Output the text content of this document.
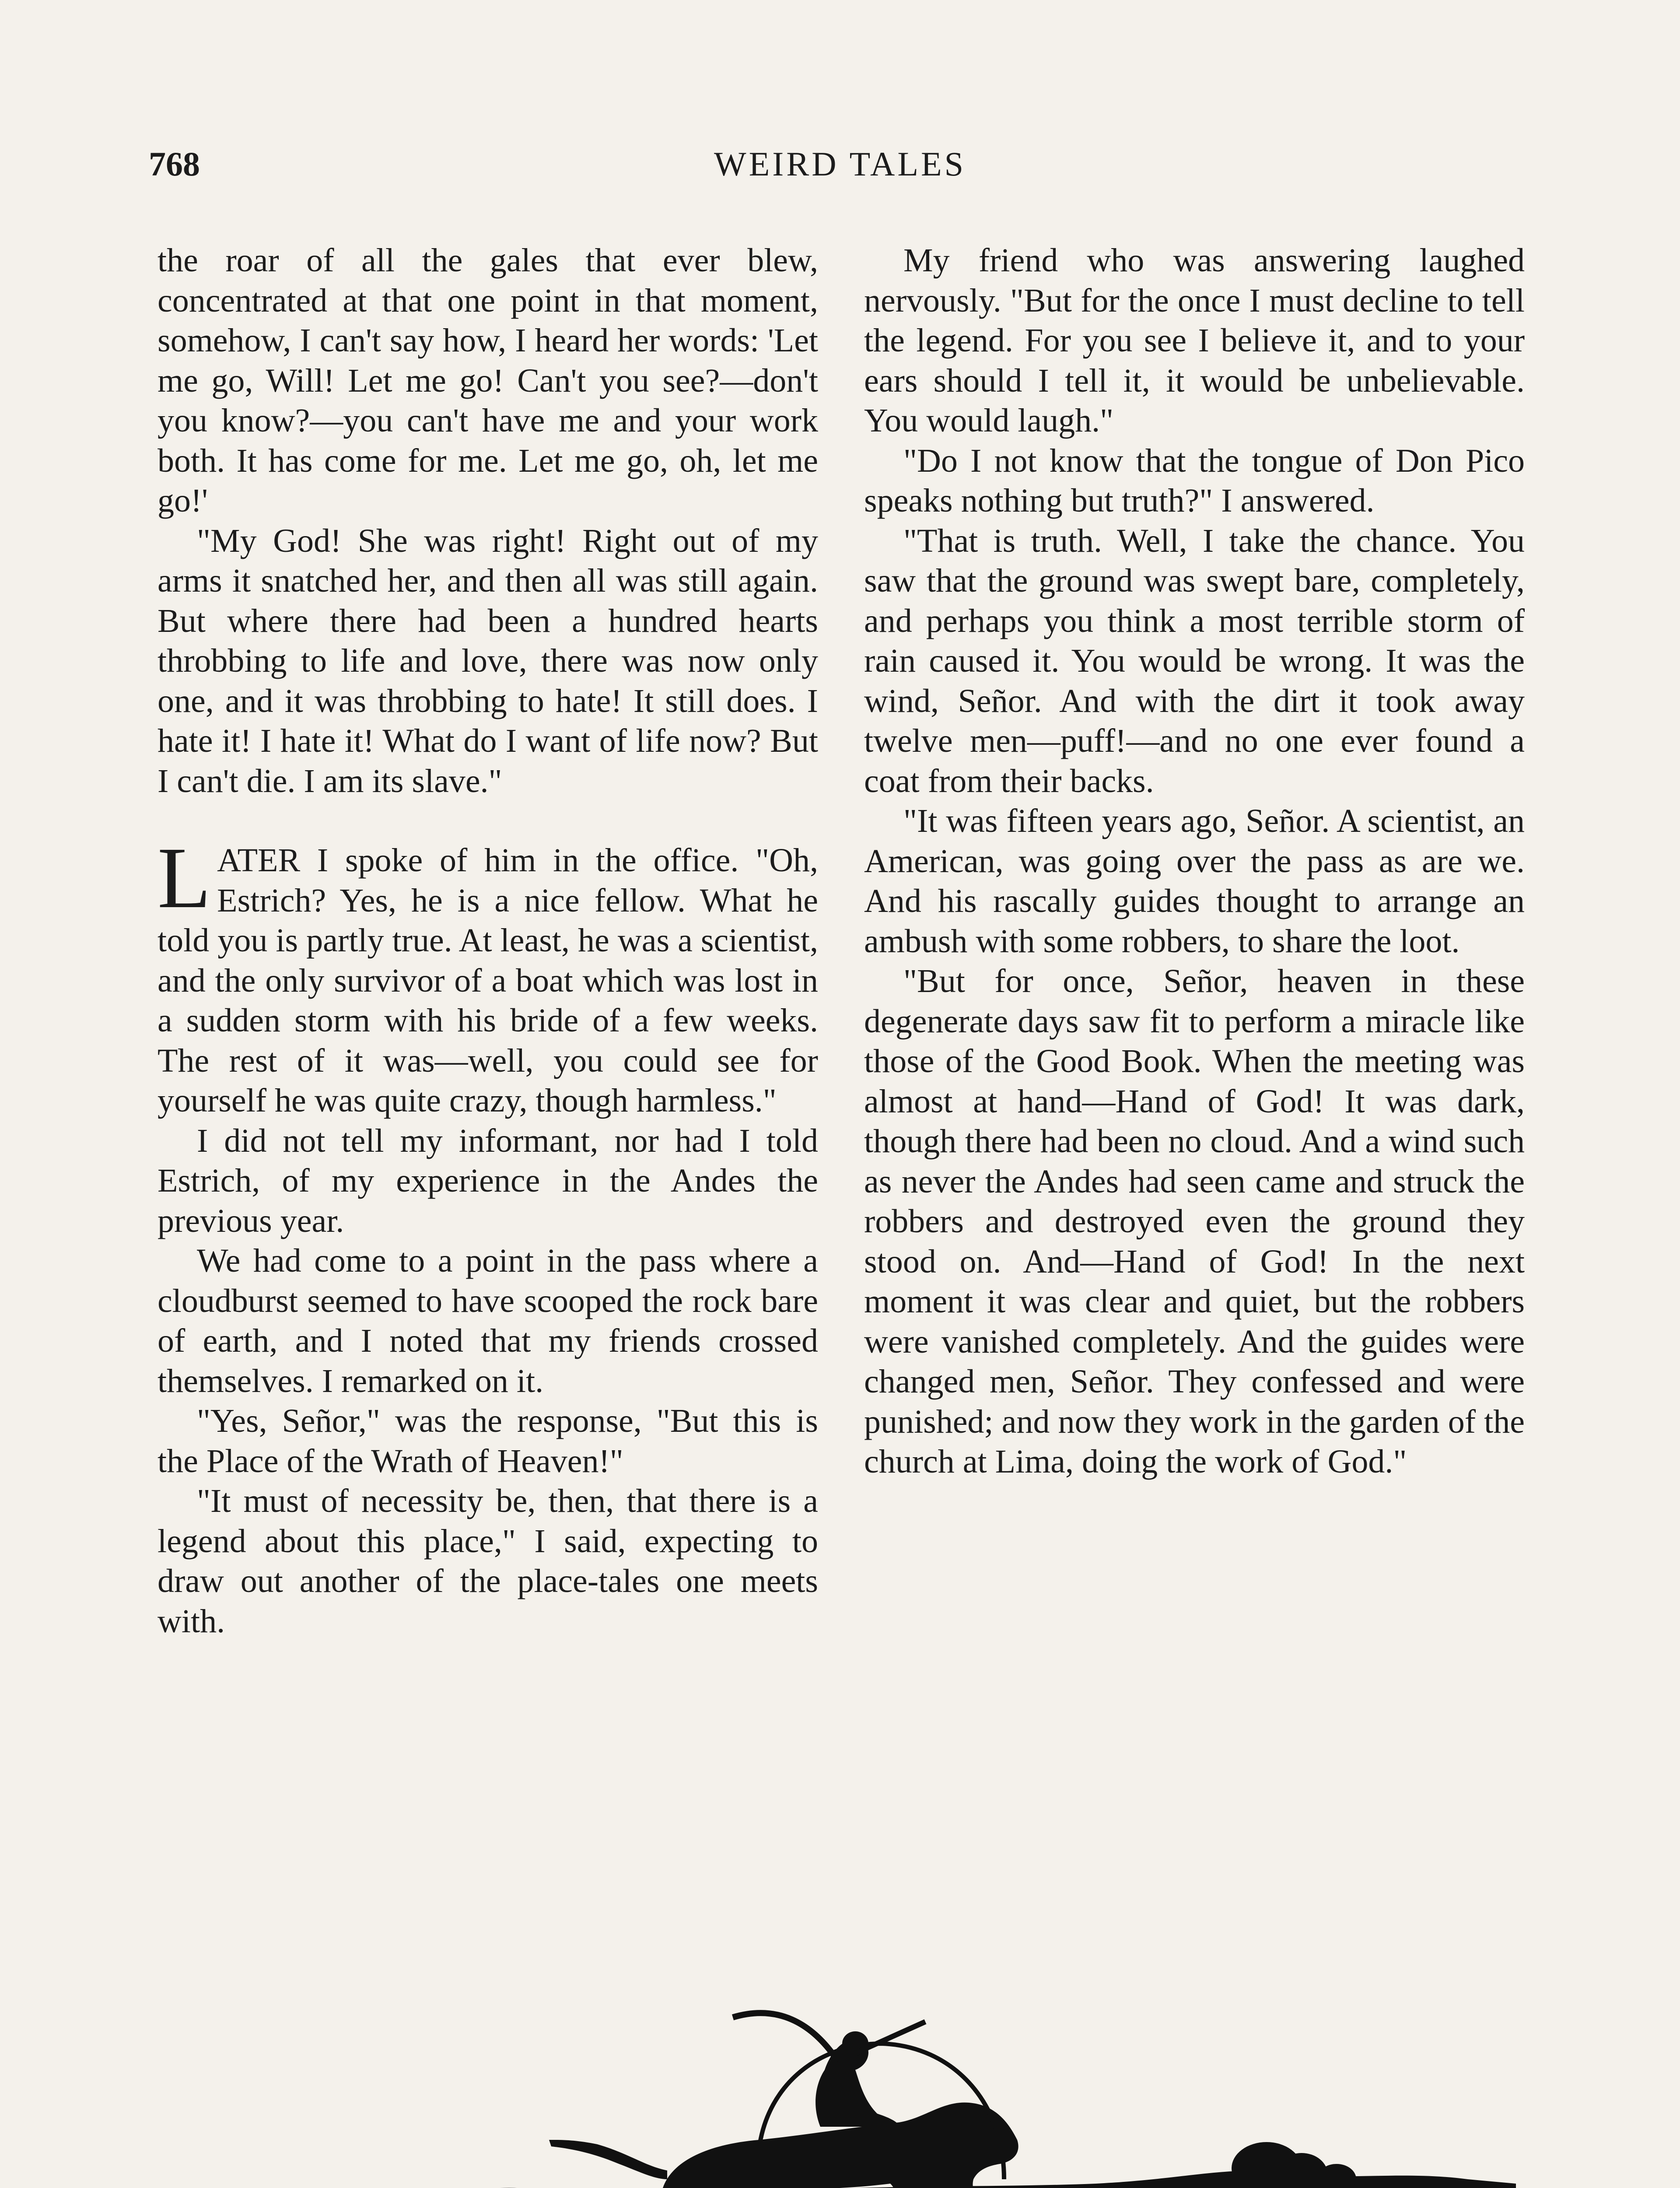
768	WEIRD TALES

the roar of all the gales that ever blew, concentrated at that one point in that moment, somehow, I can't say how, I heard her words: 'Let me go, Will! Let me go! Can't you see?—don't you know?—you can't have me and your work both. It has come for me. Let me go, oh, let me go!'

"My God! She was right! Right out of my arms it snatched her, and then all was still again. But where there had been a hundred hearts throbbing to life and love, there was now only one, and it was throbbing to hate! It still does. I hate it! I hate it! What do I want of life now? But I can't die. I am its slave."

LATER I spoke of him in the office. "Oh, Estrich? Yes, he is a nice fellow. What he told you is partly true. At least, he was a scientist, and the only survivor of a boat which was lost in a sudden storm with his bride of a few weeks. The rest of it was—well, you could see for yourself he was quite crazy, though harmless."

I did not tell my informant, nor had I told Estrich, of my experience in the Andes the previous year.

We had come to a point in the pass where a cloudburst seemed to have scooped the rock bare of earth, and I noted that my friends crossed themselves. I remarked on it.

"Yes, Señor," was the response, "But this is the Place of the Wrath of Heaven!"

"It must of necessity be, then, that there is a legend about this place," I said, expecting to draw out another of the place-tales one meets with.

My friend who was answering laughed nervously. "But for the once I must decline to tell the legend. For you see I believe it, and to your ears should I tell it, it would be unbelievable. You would laugh."

"Do I not know that the tongue of Don Pico speaks nothing but truth?" I answered.

"That is truth. Well, I take the chance. You saw that the ground was swept bare, completely, and perhaps you think a most terrible storm of rain caused it. You would be wrong. It was the wind, Señor. And with the dirt it took away twelve men—puff!—and no one ever found a coat from their backs.

"It was fifteen years ago, Señor. A scientist, an American, was going over the pass as are we. And his rascally guides thought to arrange an ambush with some robbers, to share the loot.

"But for once, Señor, heaven in these degenerate days saw fit to perform a miracle like those of the Good Book. When the meeting was almost at hand—Hand of God! It was dark, though there had been no cloud. And a wind such as never the Andes had seen came and struck the robbers and destroyed even the ground they stood on. And—Hand of God! In the next moment it was clear and quiet, but the robbers were vanished completely. And the guides were changed men, Señor. They confessed and were punished; and now they work in the garden of the church at Lima, doing the work of God."
